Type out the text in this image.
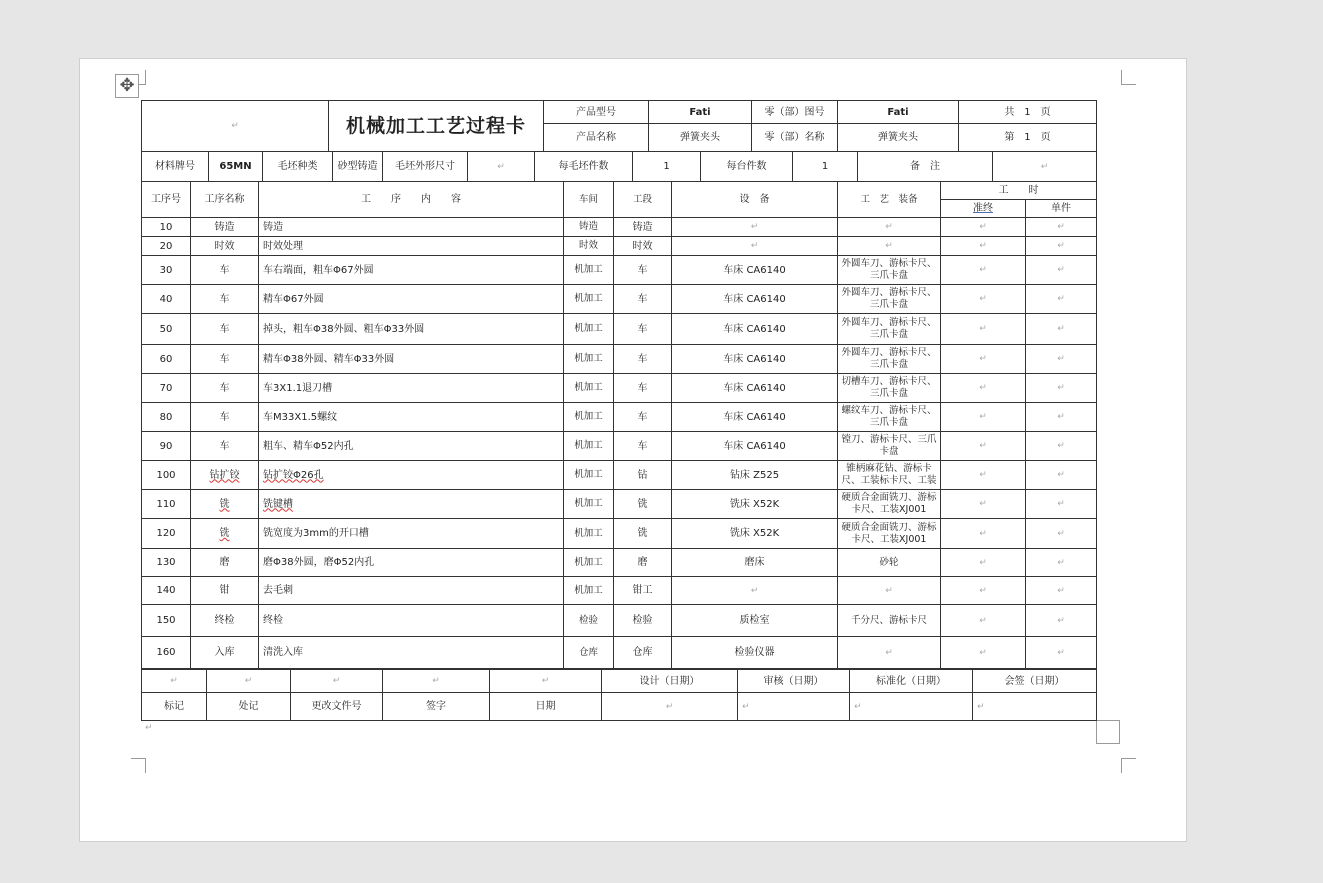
✥
↵	机械加工工艺过程卡	产品型号	Fati	零（部）图号	Fati	共　1　页
		产品名称	弹簧夹头	零（部）名称	弹簧夹头	第　1　页
材料牌号	65MN	毛坯种类	砂型铸造	毛坯外形尺寸	↵	每毛坯件数	1	每台件数	1	备　注	↵
工序号	工序名称	工　　序　　内　　容	车间	工段	设　备	工　艺　装备	工　　时	
							准终	单件
10	铸造	铸造	铸造	铸造	↵	↵	↵	↵
20	时效	时效处理	时效	时效	↵	↵	↵	↵
30	车	车右端面，粗车Φ67外圆	机加工	车	车床 CA6140	外圆车刀、游标卡尺、三爪卡盘	↵	↵
40	车	精车Φ67外圆	机加工	车	车床 CA6140	外圆车刀、游标卡尺、三爪卡盘	↵	↵
50	车	掉头，粗车Φ38外圆、粗车Φ33外圆	机加工	车	车床 CA6140	外圆车刀、游标卡尺、三爪卡盘	↵	↵
60	车	精车Φ38外圆、精车Φ33外圆	机加工	车	车床 CA6140	外圆车刀、游标卡尺、三爪卡盘	↵	↵
70	车	车3X1.1退刀槽	机加工	车	车床 CA6140	切槽车刀、游标卡尺、三爪卡盘	↵	↵
80	车	车M33X1.5螺纹	机加工	车	车床 CA6140	螺纹车刀、游标卡尺、三爪卡盘	↵	↵
90	车	粗车、精车Φ52内孔	机加工	车	车床 CA6140	镗刀、游标卡尺、三爪卡盘	↵	↵
100	钻扩铰	钻扩铰Φ26孔	机加工	钻	钻床 Z525	锥柄麻花钻、游标卡尺、工装标卡尺、工装	↵	↵
110	铣	铣键槽	机加工	铣	铣床 X52K	硬质合金面铣刀、游标卡尺、工装XJ001	↵	↵
120	铣	铣宽度为3mm的开口槽	机加工	铣	铣床 X52K	硬质合金面铣刀、游标卡尺、工装XJ001	↵	↵
130	磨	磨Φ38外圆，磨Φ52内孔	机加工	磨	磨床	砂轮	↵	↵
140	钳	去毛刺	机加工	钳工	↵	↵	↵	↵
150	终检	终检	检验	检验	质检室	千分尺、游标卡尺	↵	↵
160	入库	清洗入库	仓库	仓库	检验仪器	↵	↵	↵
↵	↵	↵	↵	↵	设计（日期）	审核（日期）	标准化（日期）	会签（日期）
标记	处记	更改文件号	签字	日期	↵	↵	↵	↵
↵
